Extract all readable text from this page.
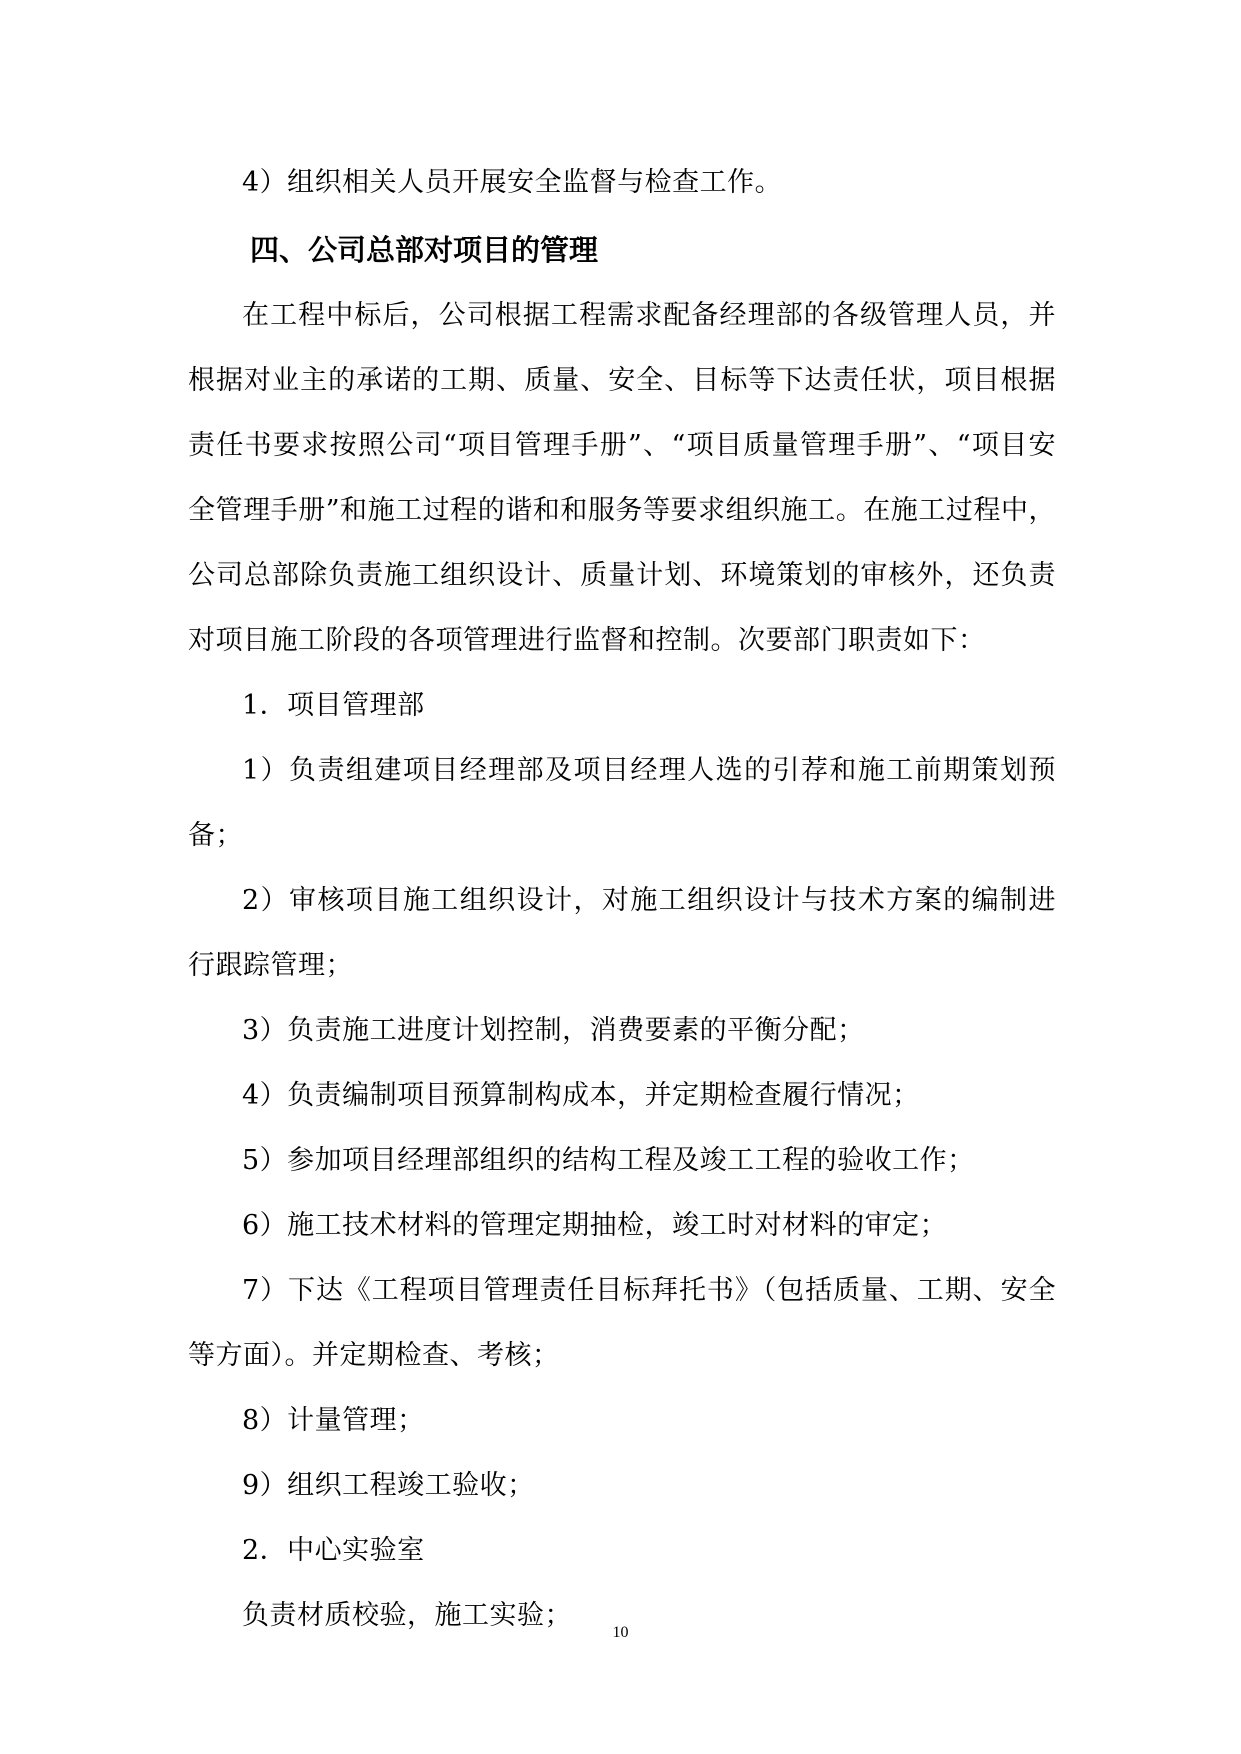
4）组织相关人员开展安全监督与检查工作。

四、公司总部对项目的管理

在工程中标后，公司根据工程需求配备经理部的各级管理人员，并根据对业主的承诺的工期、质量、安全、目标等下达责任状，项目根据责任书要求按照公司“项目管理手册”、“项目质量管理手册”、“项目安全管理手册”和施工过程的谐和和服务等要求组织施工。在施工过程中，公司总部除负责施工组织设计、质量计划、环境策划的审核外，还负责对项目施工阶段的各项管理进行监督和控制。次要部门职责如下：

1．项目管理部

1）负责组建项目经理部及项目经理人选的引荐和施工前期策划预备；

2）审核项目施工组织设计，对施工组织设计与技术方案的编制进行跟踪管理；

3）负责施工进度计划控制，消费要素的平衡分配；

4）负责编制项目预算制构成本，并定期检查履行情况；

5）参加项目经理部组织的结构工程及竣工工程的验收工作；

6）施工技术材料的管理定期抽检，竣工时对材料的审定；

7）下达《工程项目管理责任目标拜托书》（包括质量、工期、安全等方面）。并定期检查、考核；

8）计量管理；

9）组织工程竣工验收；

2．中心实验室

负责材质校验，施工实验；

10
